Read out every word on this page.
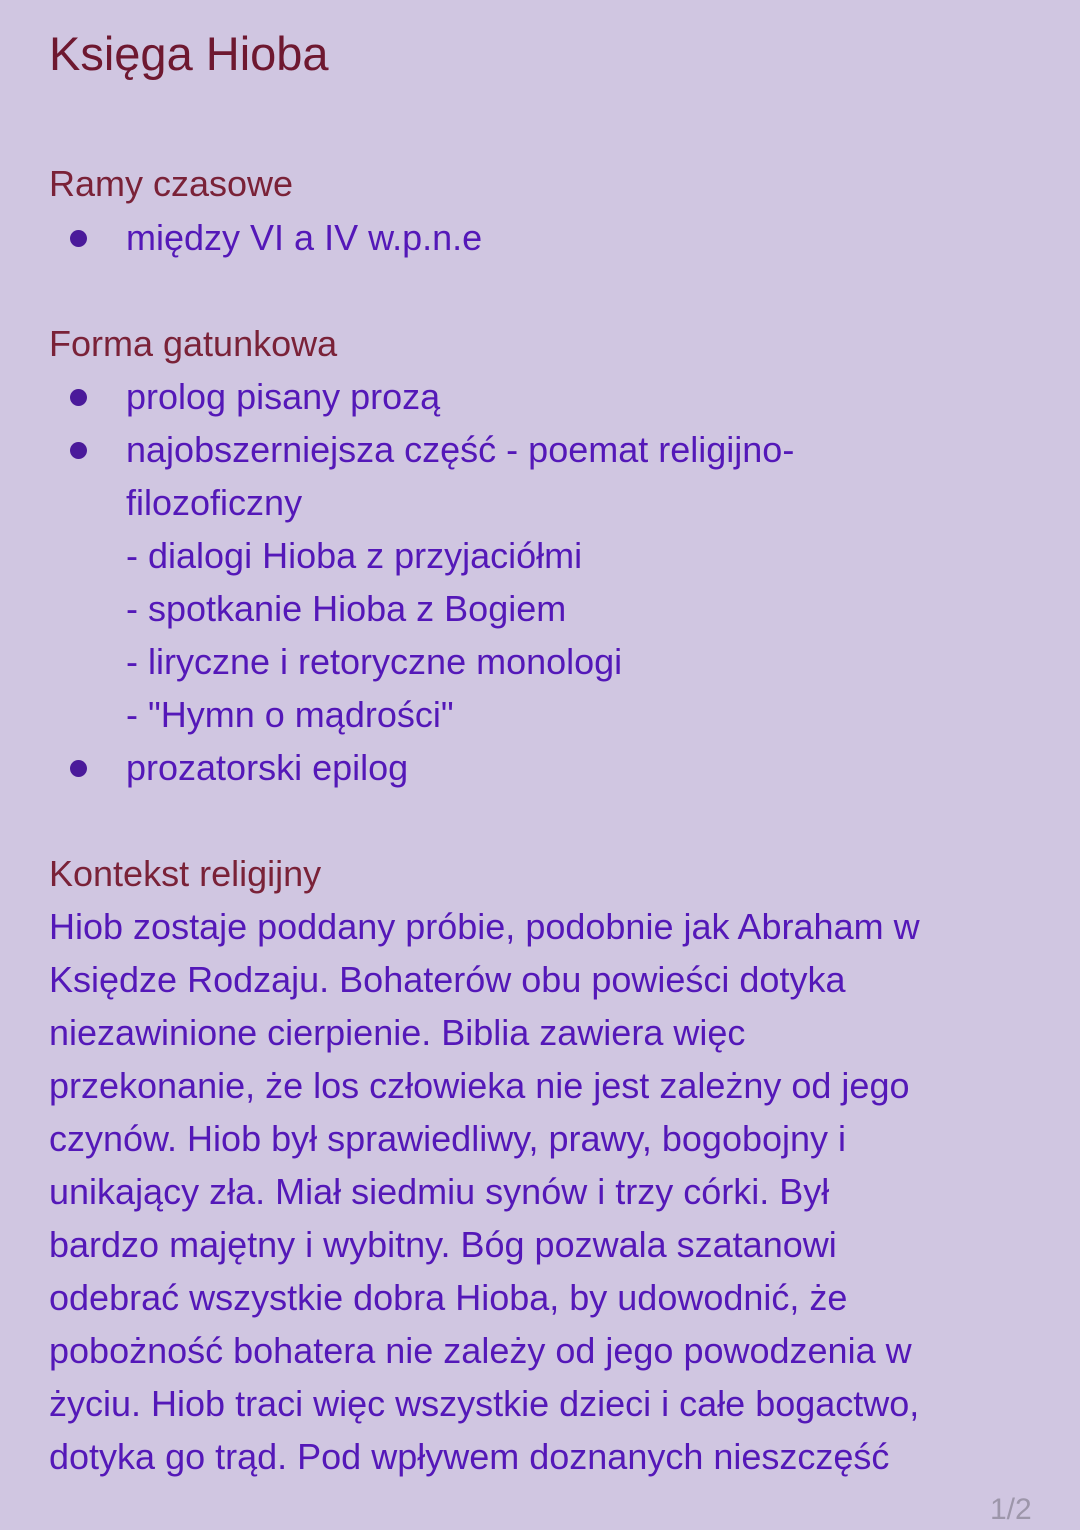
Księga Hioba
Ramy czasowe
między VI a IV w.p.n.e
Forma gatunkowa
prolog pisany prozą
najobszerniejsza część - poemat religijno-
filozoficzny
- dialogi Hioba z przyjaciółmi
- spotkanie Hioba z Bogiem
- liryczne i retoryczne monologi
- "Hymn o mądrości"
prozatorski epilog
Kontekst religijny
Hiob zostaje poddany próbie, podobnie jak Abraham w
Księdze Rodzaju. Bohaterów obu powieści dotyka
niezawinione cierpienie. Biblia zawiera więc
przekonanie, że los człowieka nie jest zależny od jego
czynów. Hiob był sprawiedliwy, prawy, bogobojny i
unikający zła. Miał siedmiu synów i trzy córki. Był
bardzo majętny i wybitny. Bóg pozwala szatanowi
odebrać wszystkie dobra Hioba, by udowodnić, że
pobożność bohatera nie zależy od jego powodzenia w
życiu. Hiob traci więc wszystkie dzieci i całe bogactwo,
dotyka go trąd. Pod wpływem doznanych nieszczęść
1/2
